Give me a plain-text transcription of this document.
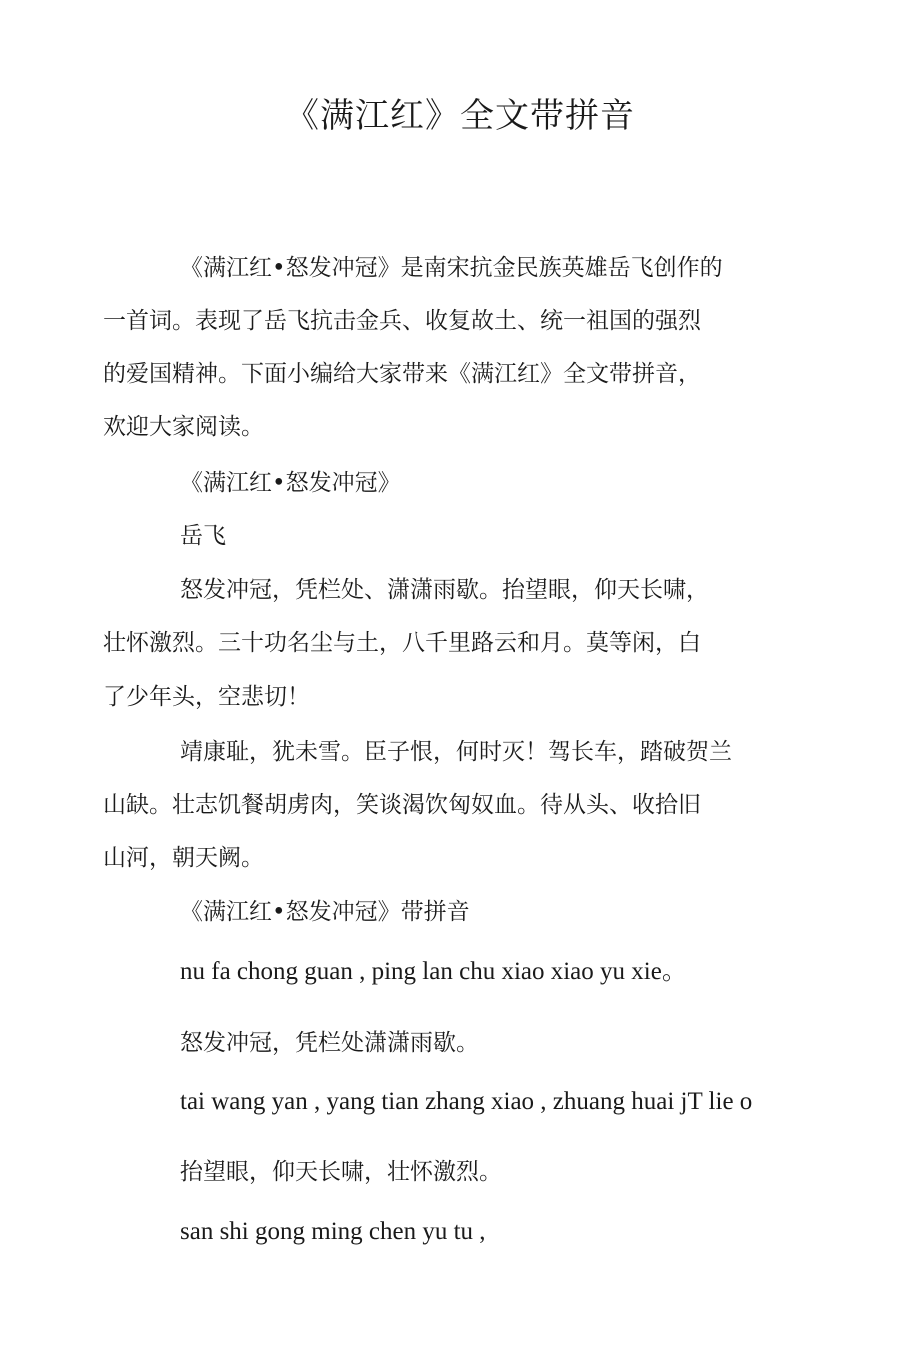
《满江红》全文带拼音
《满江红•怒发冲冠》是南宋抗金民族英雄岳飞创作的
一首词。表现了岳飞抗击金兵、收复故土、统一祖国的强烈
的爱国精神。下面小编给大家带来《满江红》全文带拼音，
欢迎大家阅读。
《满江红•怒发冲冠》
岳飞
怒发冲冠，凭栏处、潇潇雨歇。抬望眼，仰天长啸，
壮怀激烈。三十功名尘与土，八千里路云和月。莫等闲，白
了少年头，空悲切！
靖康耻，犹未雪。臣子恨，何时灭！驾长车，踏破贺兰
山缺。壮志饥餐胡虏肉，笑谈渴饮匈奴血。待从头、收拾旧
山河，朝天阙。
《满江红•怒发冲冠》带拼音
nu fa chong guan , ping lan chu xiao xiao yu xie。
怒发冲冠，凭栏处潇潇雨歇。
tai wang yan , yang tian zhang xiao , zhuang huai jT lie o
抬望眼，仰天长啸，壮怀激烈。
san shi gong ming chen yu tu ,
